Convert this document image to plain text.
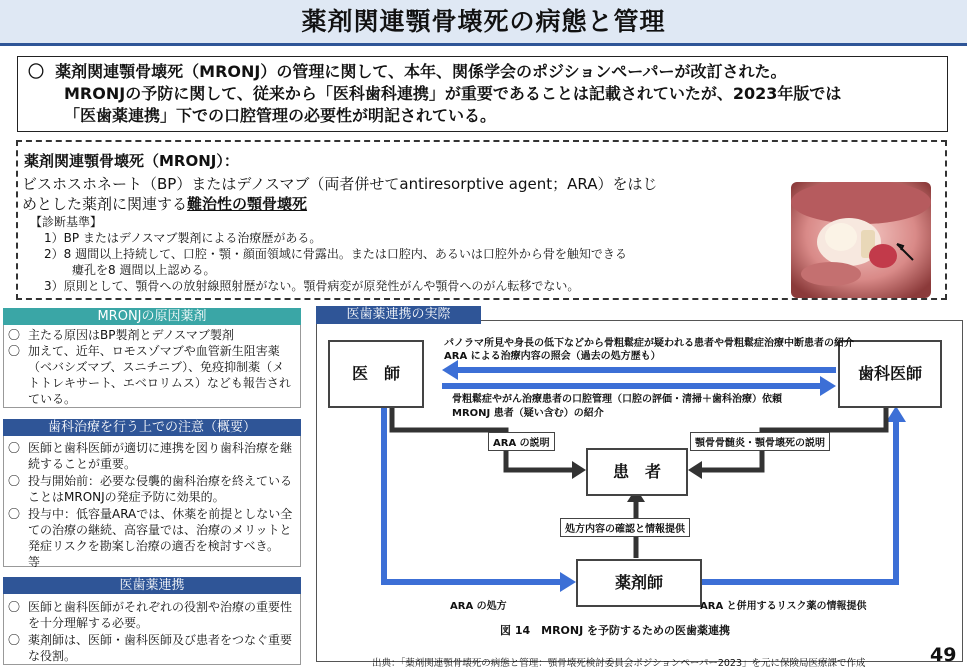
薬剤関連顎骨壊死の病態と管理
〇 薬剤関連顎骨壊死（MRONJ）の管理に関して、本年、関係学会のポジションペーパーが改訂された。
MRONJの予防に関して、従来から「医科歯科連携」が重要であることは記載されていたが、2023年版では
「医歯薬連携」下での口腔管理の必要性が明記されている。
薬剤関連顎骨壊死（MRONJ）：
ビスホスホネート（BP）またはデノスマブ（両者併せてantiresorptive agent；ARA）をはじ
めとした薬剤に関連する難治性の顎骨壊死
【診断基準】
1）BP またはデノスマブ製剤による治療歴がある。
2）8 週間以上持続して、口腔・顎・顔面領域に骨露出。または口腔内、あるいは口腔外から骨を触知できる
瘻孔を8 週間以上認める。
3）原則として、顎骨への放射線照射歴がない。顎骨病変が原発性がんや顎骨へのがん転移でない。
MRONJの原因薬剤
〇 主たる原因はBP製剤とデノスマブ製剤
〇 加えて、近年、ロモスゾマブや血管新生阻害薬（ベバシズマブ、スニチニブ）、免疫抑制薬（メトトレキサート、エベロリムス）なども報告されている。
歯科治療を行う上での注意（概要）
〇 医師と歯科医師が適切に連携を図り歯科治療を継続することが重要。
〇 投与開始前：必要な侵襲的歯科治療を終えていることはMRONJの発症予防に効果的。
〇 投与中：低容量ARAでは、休薬を前提としない全ての治療の継続、高容量では、治療のメリットと発症リスクを勘案し治療の適否を検討すべき。　　等
医歯薬連携
〇 医師と歯科医師がそれぞれの役割や治療の重要性を十分理解する必要。
〇 薬剤師は、医師・歯科医師及び患者をつなぐ重要な役割。
医歯薬連携の実際
医　師	歯科医師
患　者
薬剤師
パノラマ所見や身長の低下などから骨粗鬆症が疑われる患者や骨粗鬆症治療中断患者の紹介
ARA による治療内容の照会（過去の処方歴も）
骨粗鬆症やがん治療患者の口腔管理（口腔の評価・清掃＋歯科治療）依頼
MRONJ 患者（疑い含む）の紹介
ARA の説明	顎骨骨髄炎・顎骨壊死の説明
処方内容の確認と情報提供
ARA の処方	ARA と併用するリスク薬の情報提供
図 14　MRONJ を予防するための医歯薬連携
出典：「薬剤関連顎骨壊死の病態と管理：顎骨壊死検討委員会ポジションペーパー2023」を元に保険局医療課で作成	49
